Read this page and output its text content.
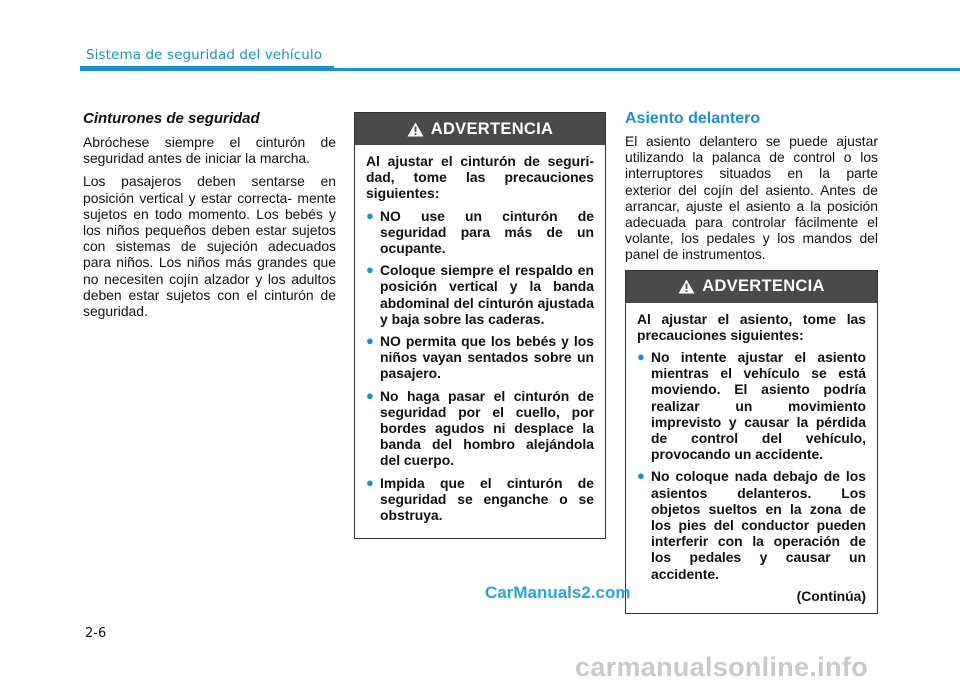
Sistema de seguridad del vehículo

Cinturones de seguridad

Abróchese siempre el cinturón de seguridad antes de iniciar la marcha.

Los pasajeros deben sentarse en posición vertical y estar correcta- mente sujetos en todo momento. Los bebés y los niños pequeños deben estar sujetos con sistemas de sujeción adecuados para niños. Los niños más grandes que no necesiten cojín alzador y los adultos deben estar sujetos con el cinturón de seguridad.

ADVERTENCIA

Al ajustar el cinturón de seguri- dad, tome las precauciones siguientes:

● NO use un cinturón de seguridad para más de un ocupante.
● Coloque siempre el respaldo en posición vertical y la banda abdominal del cinturón ajustada y baja sobre las caderas.
● NO permita que los bebés y los niños vayan sentados sobre un pasajero.
● No haga pasar el cinturón de seguridad por el cuello, por bordes agudos ni desplace la banda del hombro alejándola del cuerpo.
● Impida que el cinturón de seguridad se enganche o se obstruya.

Asiento delantero

El asiento delantero se puede ajustar utilizando la palanca de control o los interruptores situados en la parte exterior del cojín del asiento. Antes de arrancar, ajuste el asiento a la posición adecuada para controlar fácilmente el volante, los pedales y los mandos del panel de instrumentos.

ADVERTENCIA

Al ajustar el asiento, tome las precauciones siguientes:

● No intente ajustar el asiento mientras el vehículo se está moviendo. El asiento podría realizar un movimiento imprevisto y causar la pérdida de control del vehículo, provocando un accidente.
● No coloque nada debajo de los asientos delanteros. Los objetos sueltos en la zona de los pies del conductor pueden interferir con la operación de los pedales y causar un accidente.
(Continúa)
2-6
CarManuals2.com
carmanualsonline.info
